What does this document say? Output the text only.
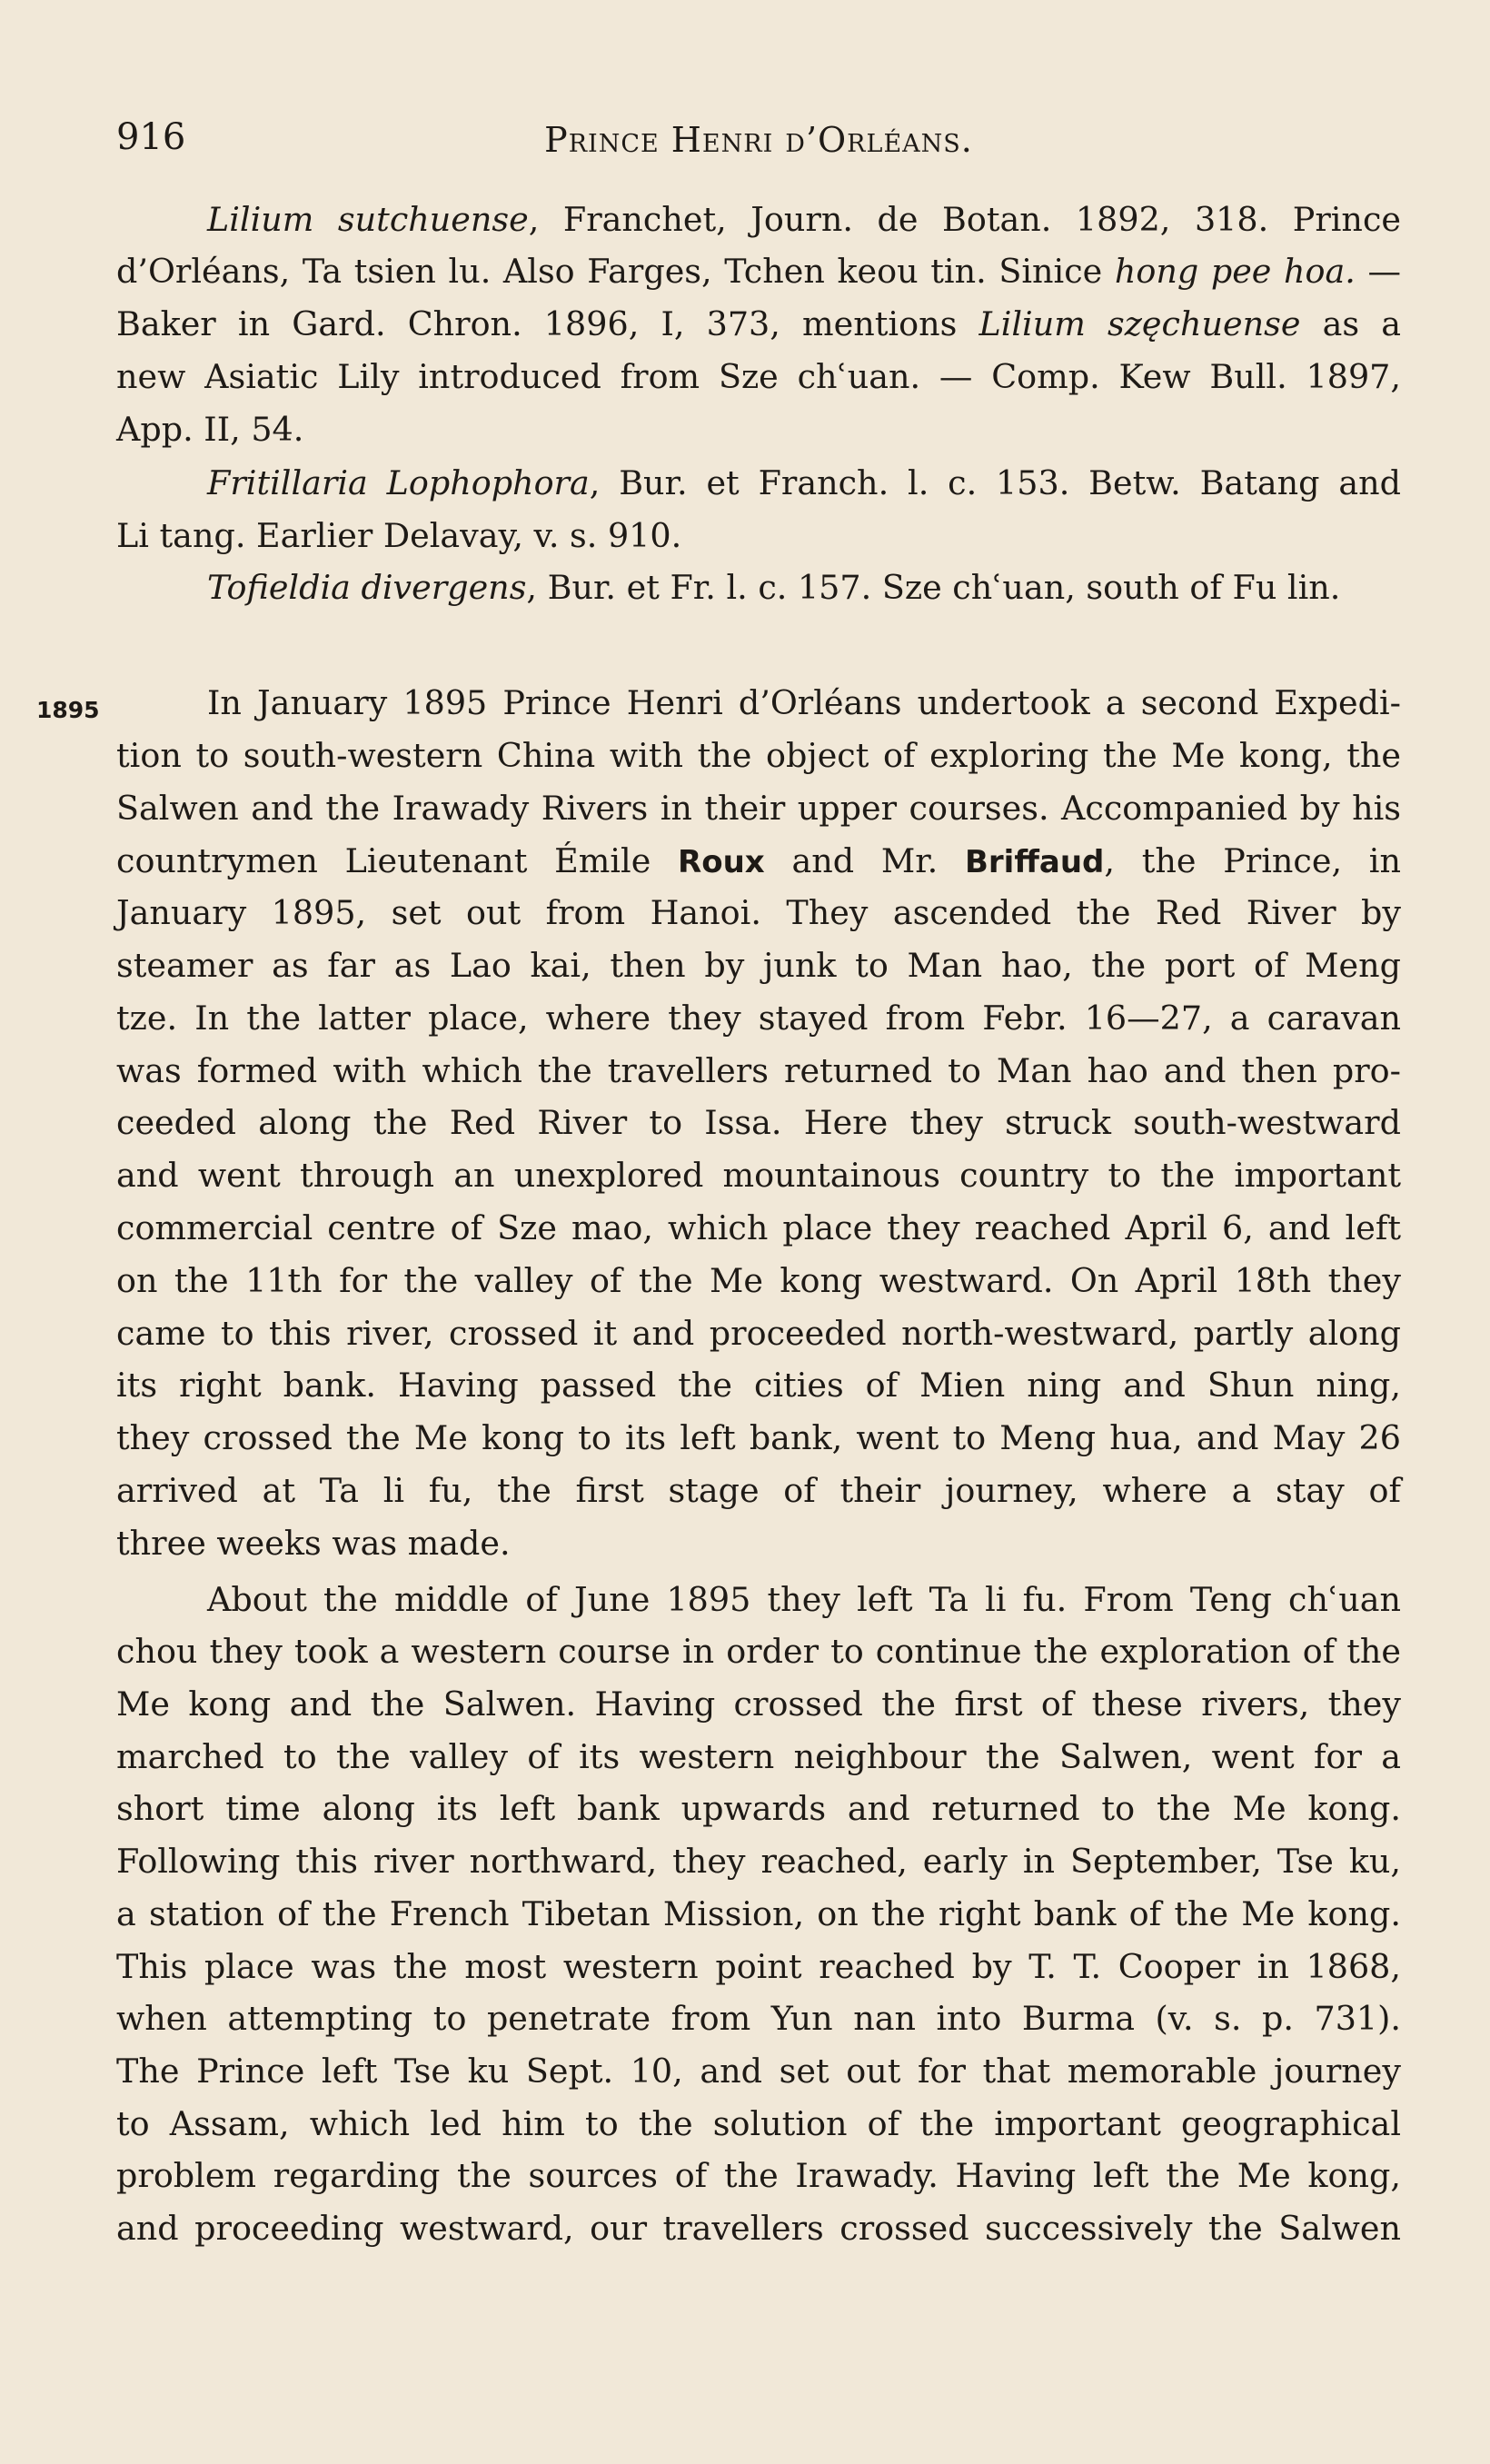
916	Prince Henri d’Orléans.
1895
Lilium sutchuense, Franchet, Journ. de Botan. 1892, 318. Prince
d’Orléans, Ta tsien lu. Also Farges, Tchen keou tin. Sinice hong pee hoa. —
Baker in Gard. Chron. 1896, I, 373, mentions Lilium szęchuense as a
new Asiatic Lily introduced from Sze chʿuan. — Comp. Kew Bull. 1897,
App. II, 54.
Fritillaria Lophophora, Bur. et Franch. l. c. 153. Betw. Batang and
Li tang. Earlier Delavay, v. s. 910.
Tofieldia divergens, Bur. et Fr. l. c. 157. Sze chʿuan, south of Fu lin.
In January 1895 Prince Henri d’Orléans undertook a second Expedi-
tion to south-western China with the object of exploring the Me kong, the
Salwen and the Irawady Rivers in their upper courses. Accompanied by his
countrymen Lieutenant Émile Roux and Mr. Briffaud, the Prince, in
January 1895, set out from Hanoi. They ascended the Red River by
steamer as far as Lao kai, then by junk to Man hao, the port of Meng
tze. In the latter place, where they stayed from Febr. 16—27, a caravan
was formed with which the travellers returned to Man hao and then pro-
ceeded along the Red River to Issa. Here they struck south-westward
and went through an unexplored mountainous country to the important
commercial centre of Sze mao, which place they reached April 6, and left
on the 11th for the valley of the Me kong westward. On April 18th they
came to this river, crossed it and proceeded north-westward, partly along
its right bank. Having passed the cities of Mien ning and Shun ning,
they crossed the Me kong to its left bank, went to Meng hua, and May 26
arrived at Ta li fu, the first stage of their journey, where a stay of
three weeks was made.
About the middle of June 1895 they left Ta li fu. From Teng chʿuan
chou they took a western course in order to continue the exploration of the
Me kong and the Salwen. Having crossed the first of these rivers, they
marched to the valley of its western neighbour the Salwen, went for a
short time along its left bank upwards and returned to the Me kong.
Following this river northward, they reached, early in September, Tse ku,
a station of the French Tibetan Mission, on the right bank of the Me kong.
This place was the most western point reached by T. T. Cooper in 1868,
when attempting to penetrate from Yun nan into Burma (v. s. p. 731).
The Prince left Tse ku Sept. 10, and set out for that memorable journey
to Assam, which led him to the solution of the important geographical
problem regarding the sources of the Irawady. Having left the Me kong,
and proceeding westward, our travellers crossed successively the Salwen
